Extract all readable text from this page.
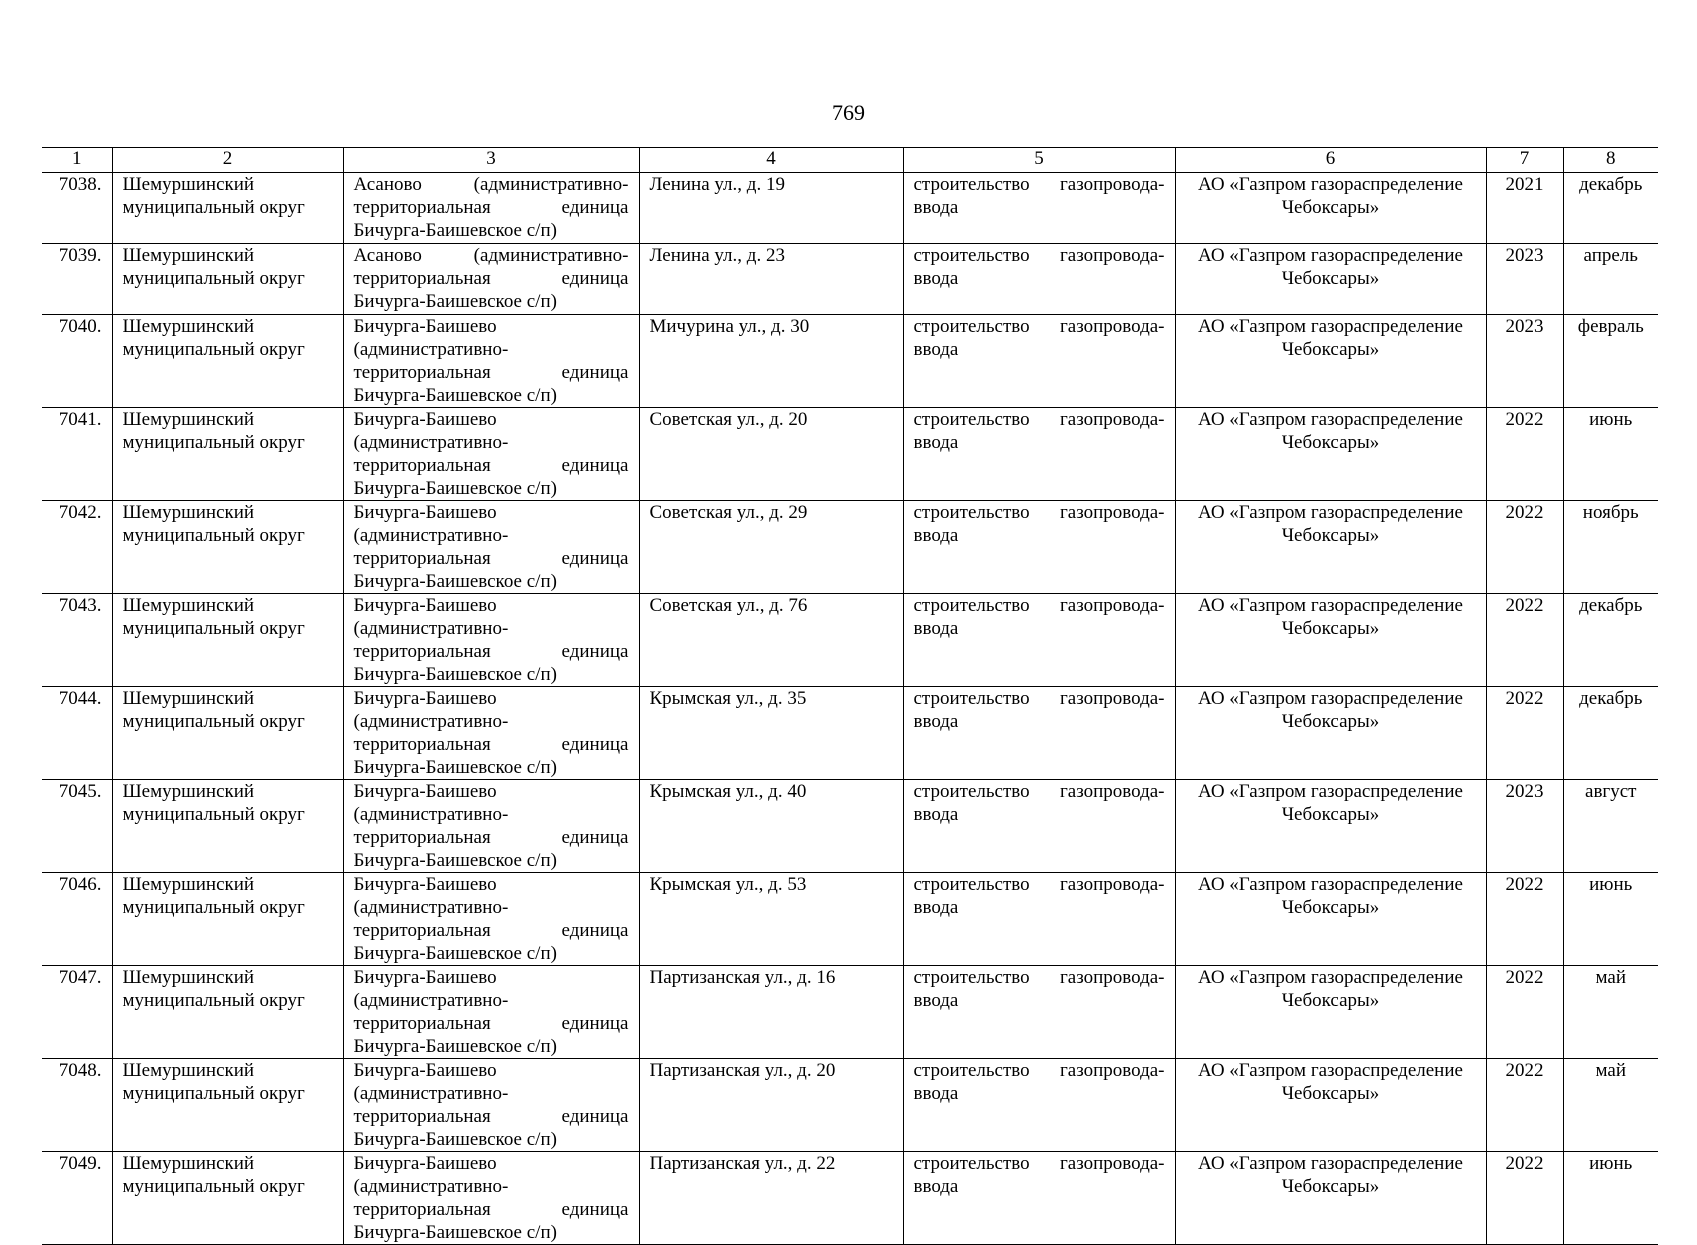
769
1	2	3	4	5	6	7	8
7038.	Шемуршинский муниципальный округ	Асаново (административно-территориальная единица Бичурга-Баишевское с/п)	Ленина ул., д. 19	строительство газопровода-ввода	АО «Газпром газораспределение Чебоксары»	2021	декабрь
7039.	Шемуршинский муниципальный округ	Асаново (административно-территориальная единица Бичурга-Баишевское с/п)	Ленина ул., д. 23	строительство газопровода-ввода	АО «Газпром газораспределение Чебоксары»	2023	апрель
7040.	Шемуршинский муниципальный округ	Бичурга-Баишево (административно-территориальная единица Бичурга-Баишевское с/п)	Мичурина ул., д. 30	строительство газопровода-ввода	АО «Газпром газораспределение Чебоксары»	2023	февраль
7041.	Шемуршинский муниципальный округ	Бичурга-Баишево (административно-территориальная единица Бичурга-Баишевское с/п)	Советская ул., д. 20	строительство газопровода-ввода	АО «Газпром газораспределение Чебоксары»	2022	июнь
7042.	Шемуршинский муниципальный округ	Бичурга-Баишево (административно-территориальная единица Бичурга-Баишевское с/п)	Советская ул., д. 29	строительство газопровода-ввода	АО «Газпром газораспределение Чебоксары»	2022	ноябрь
7043.	Шемуршинский муниципальный округ	Бичурга-Баишево (административно-территориальная единица Бичурга-Баишевское с/п)	Советская ул., д. 76	строительство газопровода-ввода	АО «Газпром газораспределение Чебоксары»	2022	декабрь
7044.	Шемуршинский муниципальный округ	Бичурга-Баишево (административно-территориальная единица Бичурга-Баишевское с/п)	Крымская ул., д. 35	строительство газопровода-ввода	АО «Газпром газораспределение Чебоксары»	2022	декабрь
7045.	Шемуршинский муниципальный округ	Бичурга-Баишево (административно-территориальная единица Бичурга-Баишевское с/п)	Крымская ул., д. 40	строительство газопровода-ввода	АО «Газпром газораспределение Чебоксары»	2023	август
7046.	Шемуршинский муниципальный округ	Бичурга-Баишево (административно-территориальная единица Бичурга-Баишевское с/п)	Крымская ул., д. 53	строительство газопровода-ввода	АО «Газпром газораспределение Чебоксары»	2022	июнь
7047.	Шемуршинский муниципальный округ	Бичурга-Баишево (административно-территориальная единица Бичурга-Баишевское с/п)	Партизанская ул., д. 16	строительство газопровода-ввода	АО «Газпром газораспределение Чебоксары»	2022	май
7048.	Шемуршинский муниципальный округ	Бичурга-Баишево (административно-территориальная единица Бичурга-Баишевское с/п)	Партизанская ул., д. 20	строительство газопровода-ввода	АО «Газпром газораспределение Чебоксары»	2022	май
7049.	Шемуршинский муниципальный округ	Бичурга-Баишево (административно-территориальная единица Бичурга-Баишевское с/п)	Партизанская ул., д. 22	строительство газопровода-ввода	АО «Газпром газораспределение Чебоксары»	2022	июнь
